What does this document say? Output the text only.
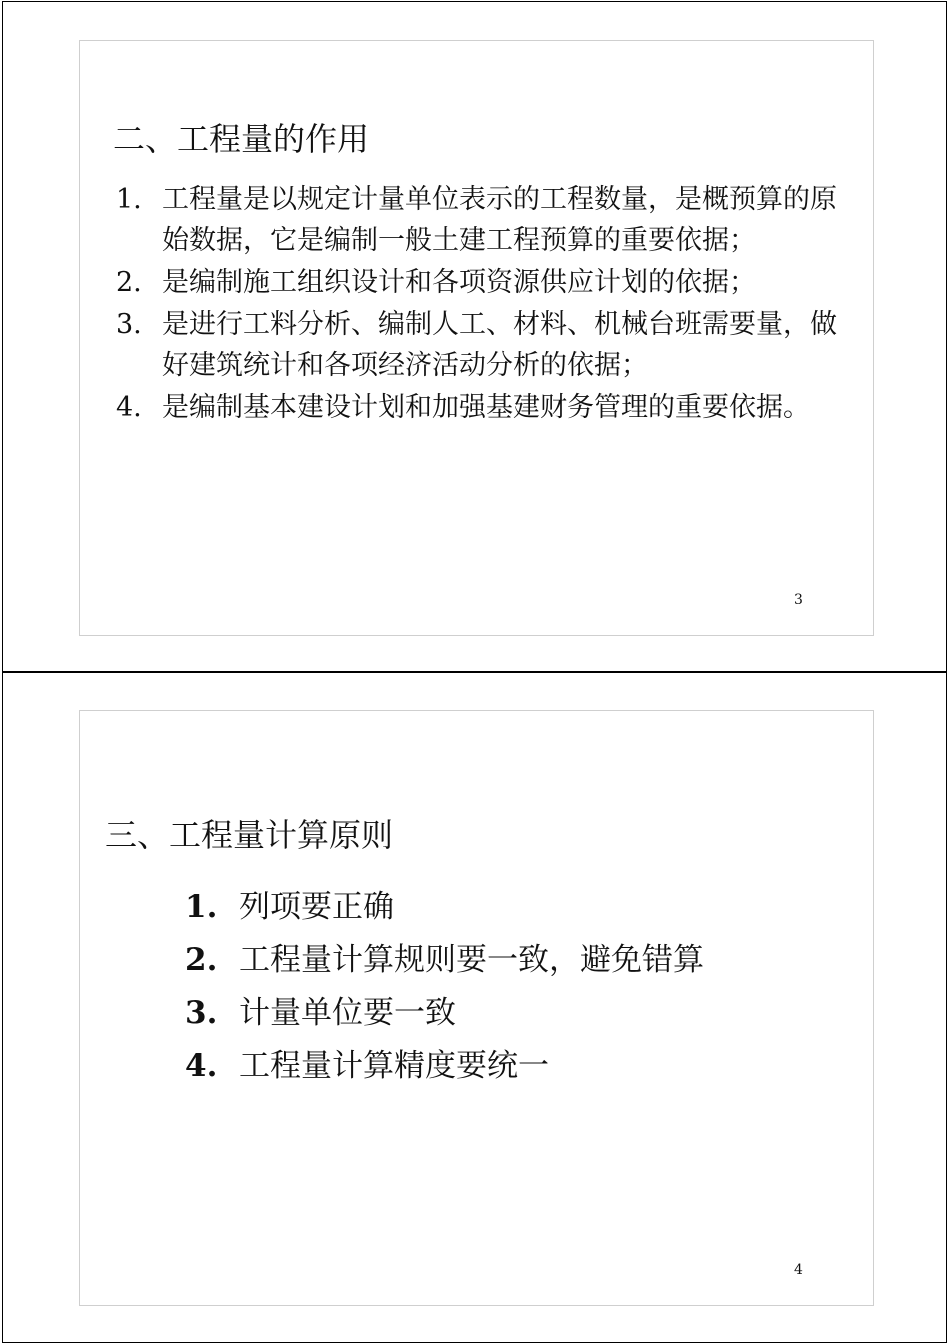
二、工程量的作用
1. 工程量是以规定计量单位表示的工程数量，是概预算的原始数据，它是编制一般土建工程预算的重要依据；
2. 是编制施工组织设计和各项资源供应计划的依据；
3. 是进行工料分析、编制人工、材料、机械台班需要量，做好建筑统计和各项经济活动分析的依据；
4. 是编制基本建设计划和加强基建财务管理的重要依据。
3
三、工程量计算原则
1. 列项要正确
2. 工程量计算规则要一致，避免错算
3. 计量单位要一致
4. 工程量计算精度要统一
4
